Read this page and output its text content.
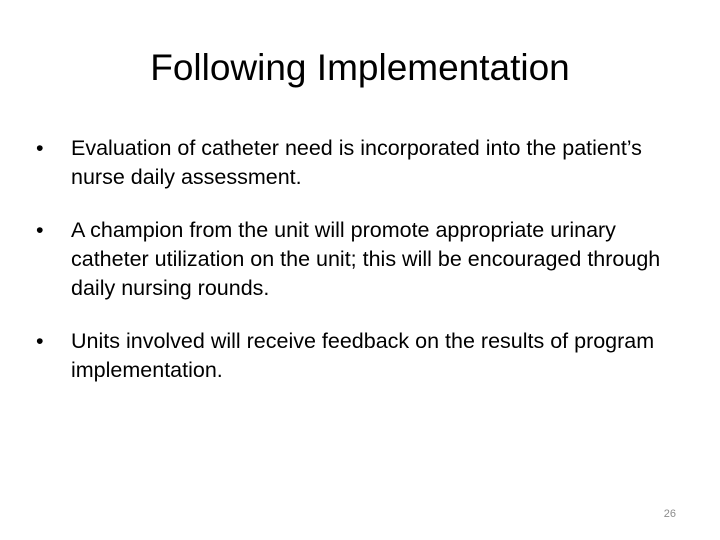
Following Implementation
•	Evaluation of catheter need is incorporated into the patient’s nurse daily assessment.
•	A champion from the unit will promote appropriate urinary catheter utilization on the unit; this will be encouraged through daily nursing rounds.
•	Units involved will receive feedback on the results of program implementation.
26
